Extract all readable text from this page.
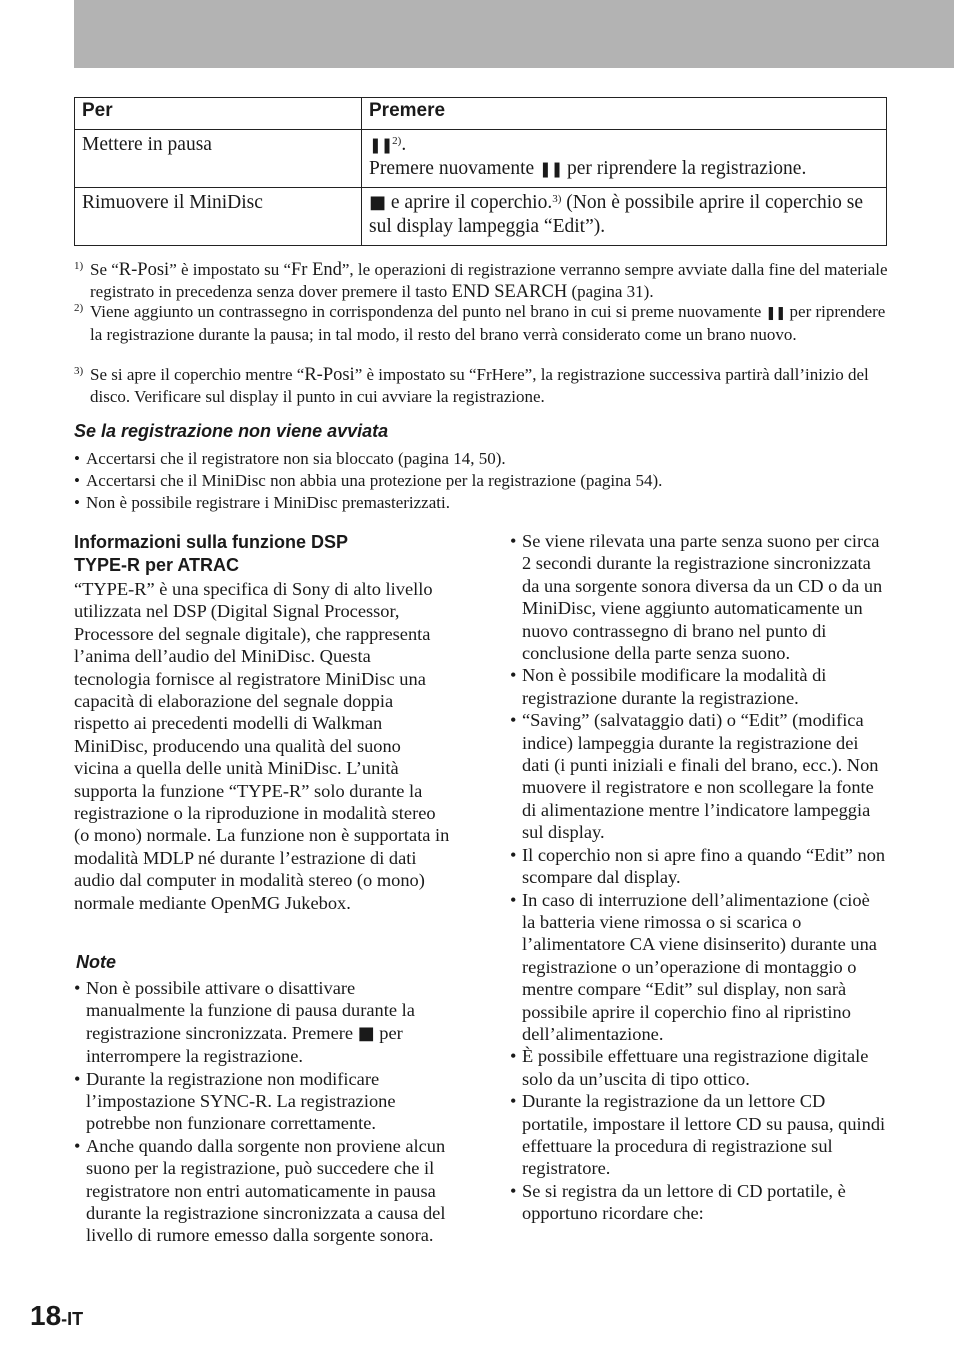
Per	Premere
Mettere in pausa	❚❚$^{2)}$.
Premere nuovamente ❚❚ per riprendere la registrazione.
Rimuovere il MiniDisc	■ e aprire il coperchio.$^{3)}$ (Non è possibile aprire il coperchio se sul display lampeggia “Edit”).
1) Se “R-Posi” è impostato su “Fr End”, le operazioni di registrazione verranno sempre avviate dalla fine del materiale registrato in precedenza senza dover premere il tasto END SEARCH (pagina 31).
2) Viene aggiunto un contrassegno in corrispondenza del punto nel brano in cui si preme nuovamente ❚❚ per riprendere la registrazione durante la pausa; in tal modo, il resto del brano verrà considerato come un brano nuovo.
3) Se si apre il coperchio mentre “R-Posi” è impostato su “FrHere”, la registrazione successiva partirà dall’inizio del disco. Verificare sul display il punto in cui avviare la registrazione.
Se la registrazione non viene avviata
• Accertarsi che il registratore non sia bloccato (pagina 14, 50).
• Accertarsi che il MiniDisc non abbia una protezione per la registrazione (pagina 54).
• Non è possibile registrare i MiniDisc premasterizzati.
Informazioni sulla funzione DSP
TYPE-R per ATRAC

“TYPE-R” è una specifica di Sony di alto livello utilizzata nel DSP (Digital Signal Processor, Processore del segnale digitale), che rappresenta l’anima dell’audio del MiniDisc. Questa tecnologia fornisce al registratore MiniDisc una capacità di elaborazione del segnale doppia rispetto ai precedenti modelli di Walkman MiniDisc, producendo una qualità del suono vicina a quella delle unità MiniDisc. L’unità supporta la funzione “TYPE-R” solo durante la registrazione o la riproduzione in modalità stereo (o mono) normale. La funzione non è supportata in modalità MDLP né durante l’estrazione di dati audio dal computer in modalità stereo (o mono) normale mediante OpenMG Jukebox.

Note
• Non è possibile attivare o disattivare manualmente la funzione di pausa durante la registrazione sincronizzata. Premere ■ per interrompere la registrazione.
• Durante la registrazione non modificare l’impostazione SYNC-R. La registrazione potrebbe non funzionare correttamente.
• Anche quando dalla sorgente non proviene alcun suono per la registrazione, può succedere che il registratore non entri automaticamente in pausa durante la registrazione sincronizzata a causa del livello di rumore emesso dalla sorgente sonora.
• Se viene rilevata una parte senza suono per circa 2 secondi durante la registrazione sincronizzata da una sorgente sonora diversa da un CD o da un MiniDisc, viene aggiunto automaticamente un nuovo contrassegno di brano nel punto di conclusione della parte senza suono.
• Non è possibile modificare la modalità di registrazione durante la registrazione.
• “Saving” (salvataggio dati) o “Edit” (modifica indice) lampeggia durante la registrazione dei dati (i punti iniziali e finali del brano, ecc.). Non muovere il registratore e non scollegare la fonte di alimentazione mentre l’indicatore lampeggia sul display.
• Il coperchio non si apre fino a quando “Edit” non scompare dal display.
• In caso di interruzione dell’alimentazione (cioè la batteria viene rimossa o si scarica o l’alimentatore CA viene disinserito) durante una registrazione o un’operazione di montaggio o mentre compare “Edit” sul display, non sarà possibile aprire il coperchio fino al ripristino dell’alimentazione.
• È possibile effettuare una registrazione digitale solo da un’uscita di tipo ottico.
• Durante la registrazione da un lettore CD portatile, impostare il lettore CD su pausa, quindi effettuare la procedura di registrazione sul registratore.
• Se si registra da un lettore di CD portatile, è opportuno ricordare che:
18-IT
